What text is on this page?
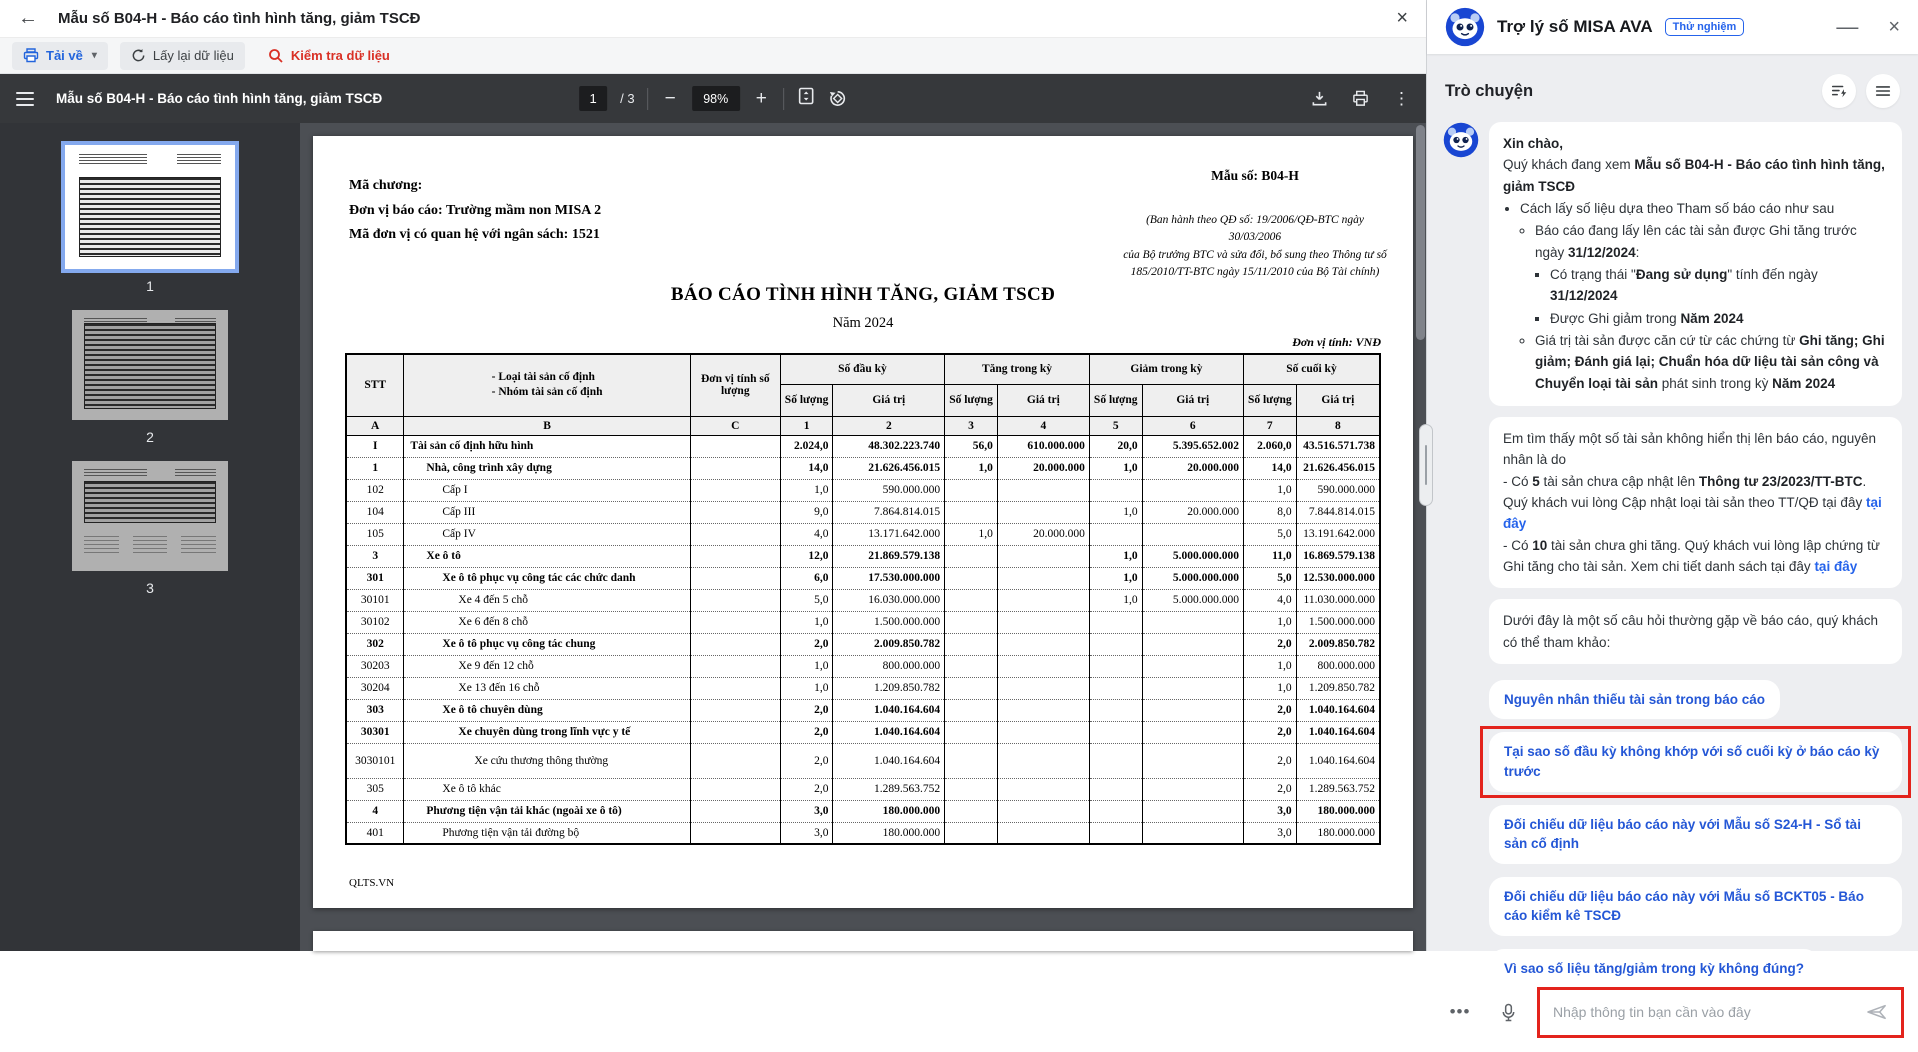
← Mẫu số B04-H - Báo cáo tình hình tăng, giảm TSCĐ	×
Tải về ▾	Lấy lại dữ liệu	Kiểm tra dữ liệu
Mẫu số B04-H - Báo cáo tình hình tăng, giảm TSCĐ	1	/ 3 −	98%	+	⋮
1
2
3
Mã chương:
Đơn vị báo cáo: Trường mầm non MISA 2
Mã đơn vị có quan hệ với ngân sách: 1521
Mẫu số: B04-H
(Ban hành theo QĐ số: 19/2006/QĐ-BTC ngày 30/03/2006
của Bộ trưởng BTC và sửa đổi, bổ sung theo Thông tư số
185/2010/TT-BTC ngày 15/11/2010 của Bộ Tài chính)
BÁO CÁO TÌNH HÌNH TĂNG, GIẢM TSCĐ
Năm 2024
Đơn vị tính: VNĐ
STT	- Loại tài sản cố định
- Nhóm tài sản cố định	Đơn vị tính số lượng	Số đầu kỳ		Tăng trong kỳ		Giảm trong kỳ		Số cuối kỳ	
			Số lượng	Giá trị	Số lượng	Giá trị	Số lượng	Giá trị	Số lượng	Giá trị
A	B	C	1	2	3	4	5	6	7	8
I	Tài sản cố định hữu hình		2.024,0	48.302.223.740	56,0	610.000.000	20,0	5.395.652.002	2.060,0	43.516.571.738
1	Nhà, công trình xây dựng		14,0	21.626.456.015	1,0	20.000.000	1,0	20.000.000	14,0	21.626.456.015
102	Cấp I		1,0	590.000.000					1,0	590.000.000
104	Cấp III		9,0	7.864.814.015			1,0	20.000.000	8,0	7.844.814.015
105	Cấp IV		4,0	13.171.642.000	1,0	20.000.000			5,0	13.191.642.000
3	Xe ô tô		12,0	21.869.579.138			1,0	5.000.000.000	11,0	16.869.579.138
301	Xe ô tô phục vụ công tác các chức danh		6,0	17.530.000.000			1,0	5.000.000.000	5,0	12.530.000.000
30101	Xe 4 đến 5 chỗ		5,0	16.030.000.000			1,0	5.000.000.000	4,0	11.030.000.000
30102	Xe 6 đến 8 chỗ		1,0	1.500.000.000					1,0	1.500.000.000
302	Xe ô tô phục vụ công tác chung		2,0	2.009.850.782					2,0	2.009.850.782
30203	Xe 9 đến 12 chỗ		1,0	800.000.000					1,0	800.000.000
30204	Xe 13 đến 16 chỗ		1,0	1.209.850.782					1,0	1.209.850.782
303	Xe ô tô chuyên dùng		2,0	1.040.164.604					2,0	1.040.164.604
30301	Xe chuyên dùng trong lĩnh vực y tế		2,0	1.040.164.604					2,0	1.040.164.604
3030101	Xe cứu thương thông thường		2,0	1.040.164.604					2,0	1.040.164.604
305	Xe ô tô khác		2,0	1.289.563.752					2,0	1.289.563.752
4	Phương tiện vận tải khác (ngoài xe ô tô)		3,0	180.000.000					3,0	180.000.000
401	Phương tiện vận tải đường bộ		3,0	180.000.000					3,0	180.000.000
QLTS.VN
Trợ lý số MISA AVA	Thử nghiệm	— ×
Trò chuyện
Xin chào,
Quý khách đang xem Mẫu số B04-H - Báo cáo tình hình tăng, giảm TSCĐ
• Cách lấy số liệu dựa theo Tham số báo cáo như sau
◦ Báo cáo đang lấy lên các tài sản được Ghi tăng trước ngày 31/12/2024:
▪ Có trạng thái "Đang sử dụng" tính đến ngày 31/12/2024
▪ Được Ghi giảm trong Năm 2024
◦ Giá trị tài sản được căn cứ từ các chứng từ Ghi tăng; Ghi giảm; Đánh giá lại; Chuẩn hóa dữ liệu tài sản công và Chuyển loại tài sản phát sinh trong kỳ Năm 2024
Em tìm thấy một số tài sản không hiển thị lên báo cáo, nguyên nhân là do
- Có 5 tài sản chưa cập nhật lên Thông tư 23/2023/TT-BTC. Quý khách vui lòng Cập nhật loại tài sản theo TT/QĐ tại đây tại đây
- Có 10 tài sản chưa ghi tăng. Quý khách vui lòng lập chứng từ Ghi tăng cho tài sản. Xem chi tiết danh sách tại đây tại đây
Dưới đây là một số câu hỏi thường gặp về báo cáo, quý khách có thể tham khảo:
Nguyên nhân thiếu tài sản trong báo cáo
Tại sao số đầu kỳ không khớp với số cuối kỳ ở báo cáo kỳ trước
Đối chiếu dữ liệu báo cáo này với Mẫu số S24-H - Sổ tài sản cố định
Đối chiếu dữ liệu báo cáo này với Mẫu số BCKT05 - Báo cáo kiểm kê TSCĐ
Vì sao số liệu tăng/giảm trong kỳ không đúng?
•••
Nhập thông tin bạn cần vào đây
